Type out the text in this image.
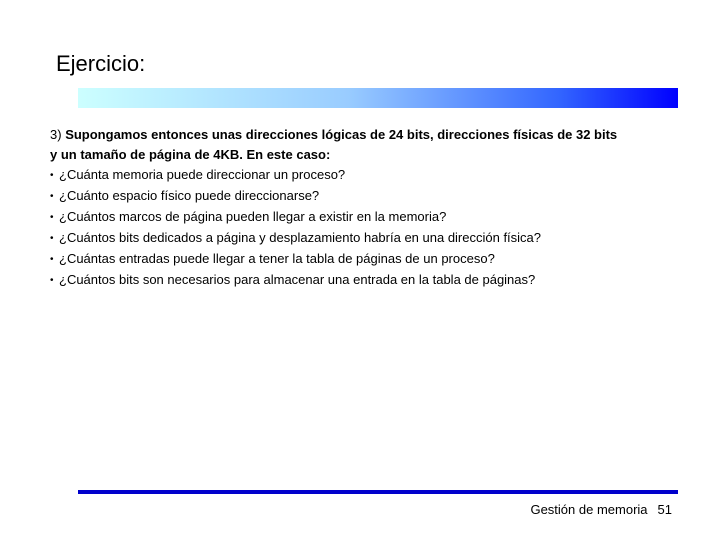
Ejercicio:
3) Supongamos entonces unas direcciones lógicas de 24 bits, direcciones físicas de 32 bits
y un tamaño de página de 4KB. En este caso:
• ¿Cuánta memoria puede direccionar un proceso?
• ¿Cuánto espacio físico puede direccionarse?
• ¿Cuántos marcos de página pueden llegar a existir en la memoria?
• ¿Cuántos bits dedicados a página y desplazamiento habría en una dirección física?
• ¿Cuántas entradas puede llegar a tener la tabla de páginas de un proceso?
• ¿Cuántos bits son necesarios para almacenar una entrada en la tabla de páginas?
Gestión de memoria 51
